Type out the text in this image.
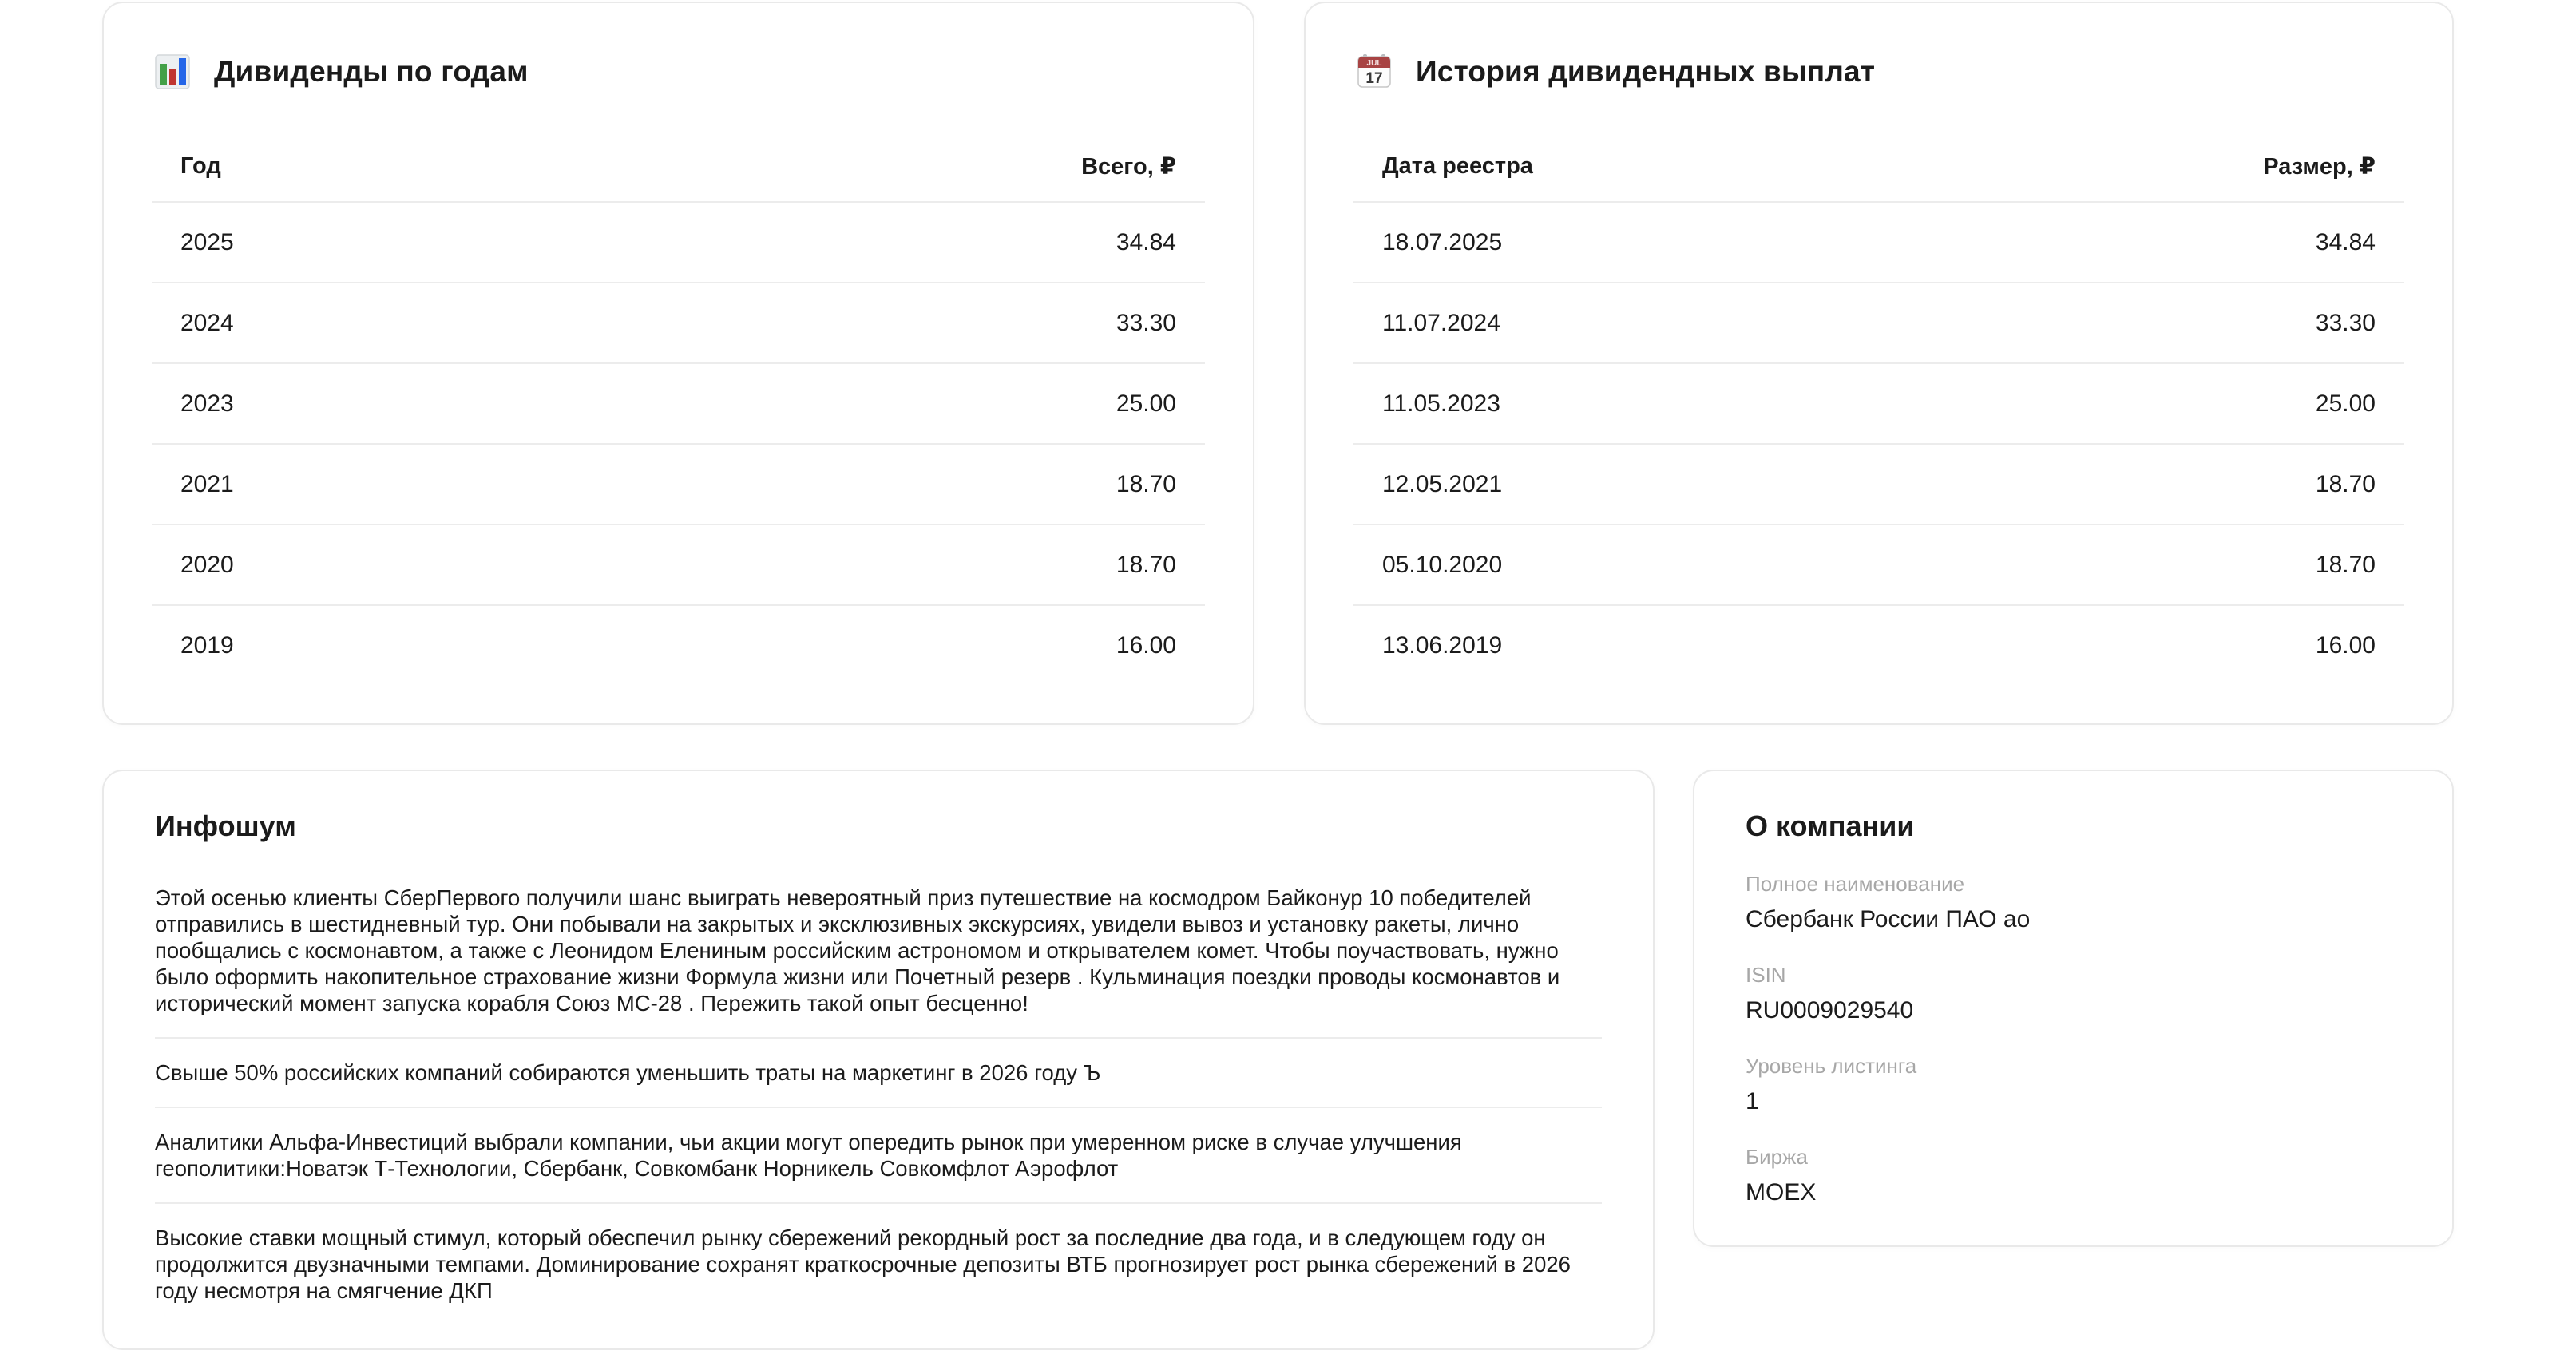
Дивиденды по годам
Год	Всего, ₽
2025	34.84
2024	33.30
2023	25.00
2021	18.70
2020	18.70
2019	16.00
JUL
17 История дивидендных выплат
Дата реестра	Размер, ₽
18.07.2025	34.84
11.07.2024	33.30
11.05.2023	25.00
12.05.2021	18.70
05.10.2020	18.70
13.06.2019	16.00
Инфошум
Этой осенью клиенты СберПервого получили шанс выиграть невероятный приз путешествие на космодром Байконур 10 победителей отправились в шестидневный тур. Они побывали на закрытых и эксклюзивных экскурсиях, увидели вывоз и установку ракеты, лично пообщались с космонавтом, а также с Леонидом Елениным российским астрономом и открывателем комет. Чтобы поучаствовать, нужно было оформить накопительное страхование жизни Формула жизни или Почетный резерв . Кульминация поездки проводы космонавтов и исторический момент запуска корабля Союз МС-28 . Пережить такой опыт бесценно!
Свыше 50% российских компаний собираются уменьшить траты на маркетинг в 2026 году Ъ
Аналитики Альфа-Инвестиций выбрали компании, чьи акции могут опередить рынок при умеренном риске в случае улучшения геополитики:Новатэк Т-Технологии, Сбербанк, Совкомбанк Норникель Совкомфлот Аэрофлот
Высокие ставки мощный стимул, который обеспечил рынку сбережений рекордный рост за последние два года, и в следующем году он продолжится двузначными темпами. Доминирование сохранят краткосрочные депозиты ВТБ прогнозирует рост рынка сбережений в 2026 году несмотря на смягчение ДКП
О компании
Полное наименование
Сбербанк России ПАО ао
ISIN
RU0009029540
Уровень листинга
1
Биржа
MOEX
